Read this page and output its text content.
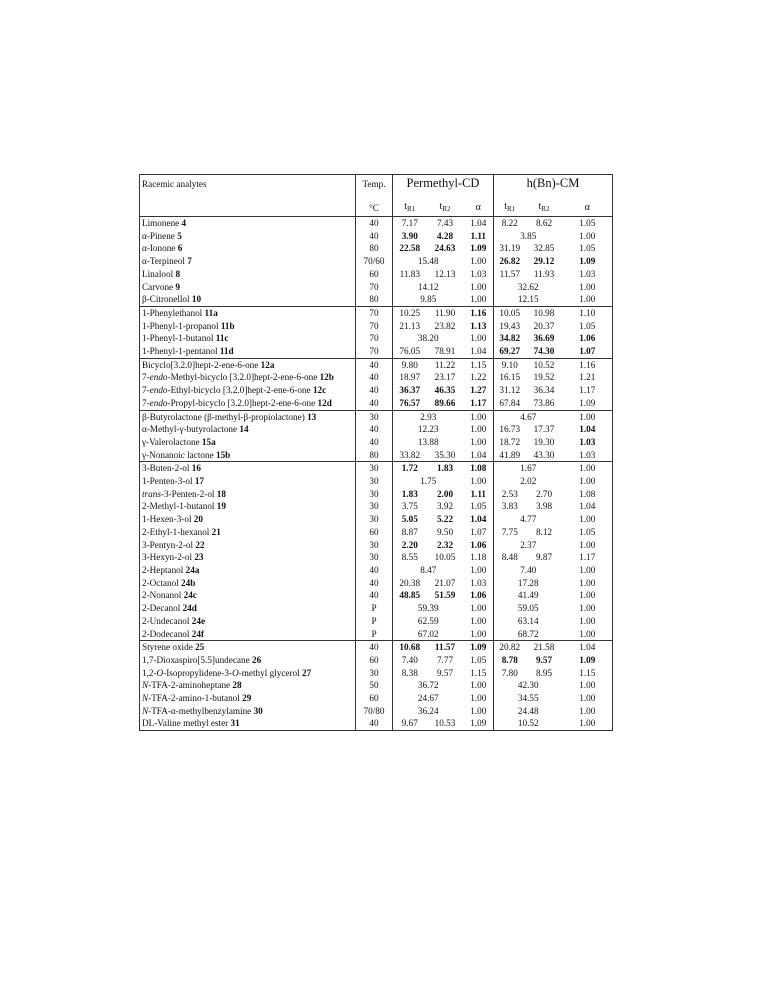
Racemic analytes	Temp.	Permethyl-CD			h(Bn)-CM		
	°C	$t_{R1}$	$t_{R2}$	α	$t_{R1}$	$t_{R2}$	α
Limonene 4	40	7.17	7.43	1.04	8.22	8.62	1.05
α-Pinene 5	40	3.90	4.28	1.11	3.85		1.00
α-Ionone 6	80	22.58	24.63	1.09	31.19	32.85	1.05
α-Terpineol 7	70/60	15.48		1.00	26.82	29.12	1.09
Linalool 8	60	11.83	12.13	1.03	11.57	11.93	1.03
Carvone 9	70	14.12		1.00	32.62		1.00
β-Citronellol 10	80	9.85		1.00	12.15		1.00
1-Phenylethanol 11a	70	10.25	11.90	1.16	10.05	10.98	1.10
1-Phenyl-1-propanol 11b	70	21.13	23.82	1.13	19.43	20.37	1.05
1-Phenyl-1-butanol 11c	70	38.20		1.00	34.82	36.69	1.06
1-Phenyl-1-pentanol 11d	70	76.05	78.91	1.04	69.27	74.30	1.07
Bicyclo[3.2.0]hept-2-ene-6-one 12a	40	9.80	11.22	1.15	9.10	10.52	1.16
7-endo-Methyl-bicyclo [3.2.0]hept-2-ene-6-one 12b	40	18.97	23.17	1.22	16.15	19.52	1.21
7-endo-Ethyl-bicyclo [3.2.0]hept-2-ene-6-one 12c	40	36.37	46.35	1.27	31.12	36.34	1.17
7-endo-Propyl-bicyclo [3.2.0]hept-2-ene-6-one 12d	40	76.57	89.66	1.17	67.84	73.86	1.09
β-Butyrolactone (β-methyl-β-propiolactone) 13	30	2.93		1.00	4.67		1.00
α-Methyl-γ-butyrolactone 14	40	12.23		1.00	16.73	17.37	1.04
γ-Valerolactone 15a	40	13.88		1.00	18.72	19.30	1.03
γ-Nonanoic lactone 15b	80	33.82	35.30	1.04	41.89	43.30	1.03
3-Buten-2-ol 16	30	1.72	1.83	1.08	1.67		1.00
1-Penten-3-ol 17	30	1.75		1.00	2.02		1.00
trans-3-Penten-2-ol 18	30	1.83	2.00	1.11	2.53	2.70	1.08
2-Methyl-1-butanol 19	30	3.75	3.92	1.05	3.83	3.98	1.04
1-Hexen-3-ol 20	30	5.05	5.22	1.04	4.77		1.00
2-Ethyl-1-hexanol 21	60	8.87	9.50	1.07	7.75	8.12	1.05
3-Pentyn-2-ol 22	30	2.20	2.32	1.06	2.37		1.00
3-Hexyn-2-ol 23	30	8.55	10.05	1.18	8.48	9.87	1.17
2-Heptanol 24a	40	8.47		1.00	7.40		1.00
2-Octanol 24b	40	20.38	21.07	1.03	17.28		1.00
2-Nonanol 24c	40	48.85	51.59	1.06	41.49		1.00
2-Decanol 24d	P	59.39		1.00	59.05		1.00
2-Undecanol 24e	P	62.59		1.00	63.14		1.00
2-Dodecanol 24f	P	67.02		1.00	68.72		1.00
Styrene oxide 25	40	10.68	11.57	1.09	20.82	21.58	1.04
1,7-Dioxaspiro[5.5]undecane 26	60	7.40	7.77	1.05	8.78	9.57	1.09
1,2-O-Isopropylidene-3-O-methyl glycerol 27	30	8.38	9.57	1.15	7.80	8.95	1.15
N-TFA-2-aminoheptane 28	50	36.72		1.00	42.30		1.00
N-TFA-2-amino-1-butanol 29	60	24.67		1.00	34.55		1.00
N-TFA-α-methylbenzylamine 30	70/80	36.24		1.00	24.48		1.00
DL-Valine methyl ester 31	40	9.67	10.53	1.09	10.52		1.00
